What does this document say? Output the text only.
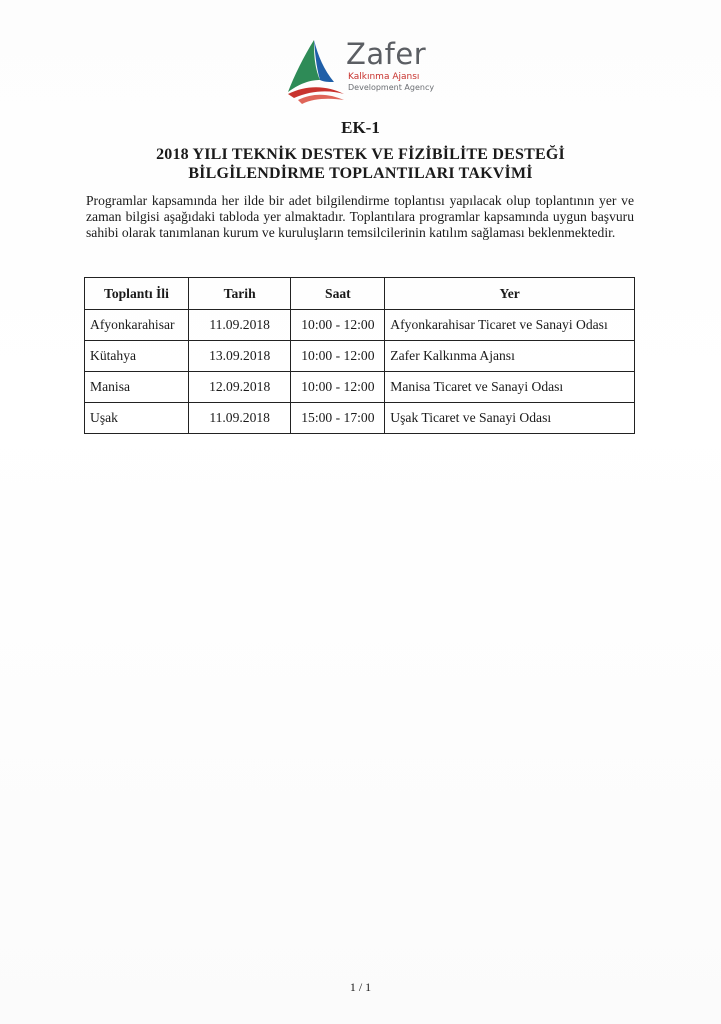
Zafer
Kalkınma Ajansı
Development Agency
EK-1
2018 YILI TEKNİK DESTEK VE FİZİBİLİTE DESTEĞİ
BİLGİLENDİRME TOPLANTILARI TAKVİMİ
Programlar kapsamında her ilde bir adet bilgilendirme toplantısı yapılacak olup toplantının yer ve zaman bilgisi aşağıdaki tabloda yer almaktadır. Toplantılara programlar kapsamında uygun başvuru sahibi olarak tanımlanan kurum ve kuruluşların temsilcilerinin katılım sağlaması beklenmektedir.
Toplantı İli	Tarih	Saat	Yer
Afyonkarahisar	11.09.2018	10:00 - 12:00	Afyonkarahisar Ticaret ve Sanayi Odası
Kütahya	13.09.2018	10:00 - 12:00	Zafer Kalkınma Ajansı
Manisa	12.09.2018	10:00 - 12:00	Manisa Ticaret ve Sanayi Odası
Uşak	11.09.2018	15:00 - 17:00	Uşak Ticaret ve Sanayi Odası
1 / 1
